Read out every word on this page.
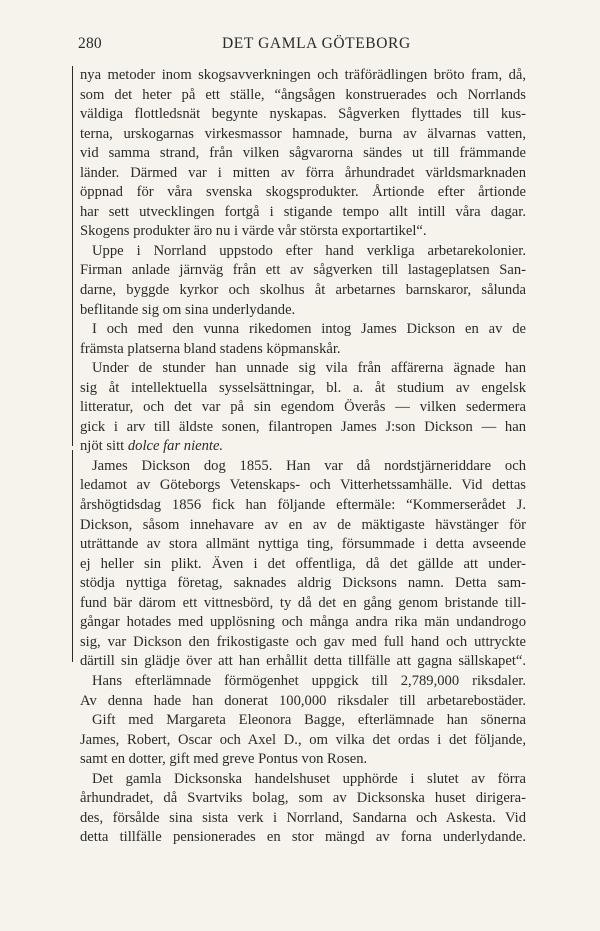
280	DET GAMLA GÖTEBORG
nya metoder inom skogsavverkningen och träförädlingen bröto fram, då,
som det heter på ett ställe, “ångsågen konstruerades och Norrlands
väldiga flottledsnät begynte nyskapas. Sågverken flyttades till kus-
terna, urskogarnas virkesmassor hamnade, burna av älvarnas vatten,
vid samma strand, från vilken sågvarorna sändes ut till främmande
länder. Därmed var i mitten av förra århundradet världsmarknaden
öppnad för våra svenska skogsprodukter. Årtionde efter årtionde
har sett utvecklingen fortgå i stigande tempo allt intill våra dagar.
Skogens produkter äro nu i värde vår största exportartikel“.
Uppe i Norrland uppstodo efter hand verkliga arbetarekolonier.
Firman anlade järnväg från ett av sågverken till lastageplatsen San-
darne, byggde kyrkor och skolhus åt arbetarnes barnskaror, sålunda
beflitande sig om sina underlydande.
I och med den vunna rikedomen intog James Dickson en av de
främsta platserna bland stadens köpmanskår.
Under de stunder han unnade sig vila från affärerna ägnade han
sig åt intellektuella sysselsättningar, bl. a. åt studium av engelsk
litteratur, och det var på sin egendom Överås — vilken sedermera
gick i arv till äldste sonen, filantropen James J:son Dickson — han
njöt sitt dolce far niente.
James Dickson dog 1855. Han var då nordstjärneriddare och
ledamot av Göteborgs Vetenskaps- och Vitterhetssamhälle. Vid dettas
årshögtidsdag 1856 fick han följande eftermäle: “Kommerserådet J.
Dickson, såsom innehavare av en av de mäktigaste hävstänger för
uträttande av stora allmänt nyttiga ting, försummade i detta avseende
ej heller sin plikt. Även i det offentliga, då det gällde att under-
stödja nyttiga företag, saknades aldrig Dicksons namn. Detta sam-
fund bär därom ett vittnesbörd, ty då det en gång genom bristande till-
gångar hotades med upplösning och många andra rika män undandrogo
sig, var Dickson den frikostigaste och gav med full hand och uttryckte
därtill sin glädje över att han erhållit detta tillfälle att gagna sällskapet“.
Hans efterlämnade förmögenhet uppgick till 2,789,000 riksdaler.
Av denna hade han donerat 100,000 riksdaler till arbetarebostäder.
Gift med Margareta Eleonora Bagge, efterlämnade han sönerna
James, Robert, Oscar och Axel D., om vilka det ordas i det följande,
samt en dotter, gift med greve Pontus von Rosen.
Det gamla Dicksonska handelshuset upphörde i slutet av förra
århundradet, då Svartviks bolag, som av Dicksonska huset dirigera-
des, försålde sina sista verk i Norrland, Sandarna och Askesta. Vid
detta tillfälle pensionerades en stor mängd av forna underlydande.
